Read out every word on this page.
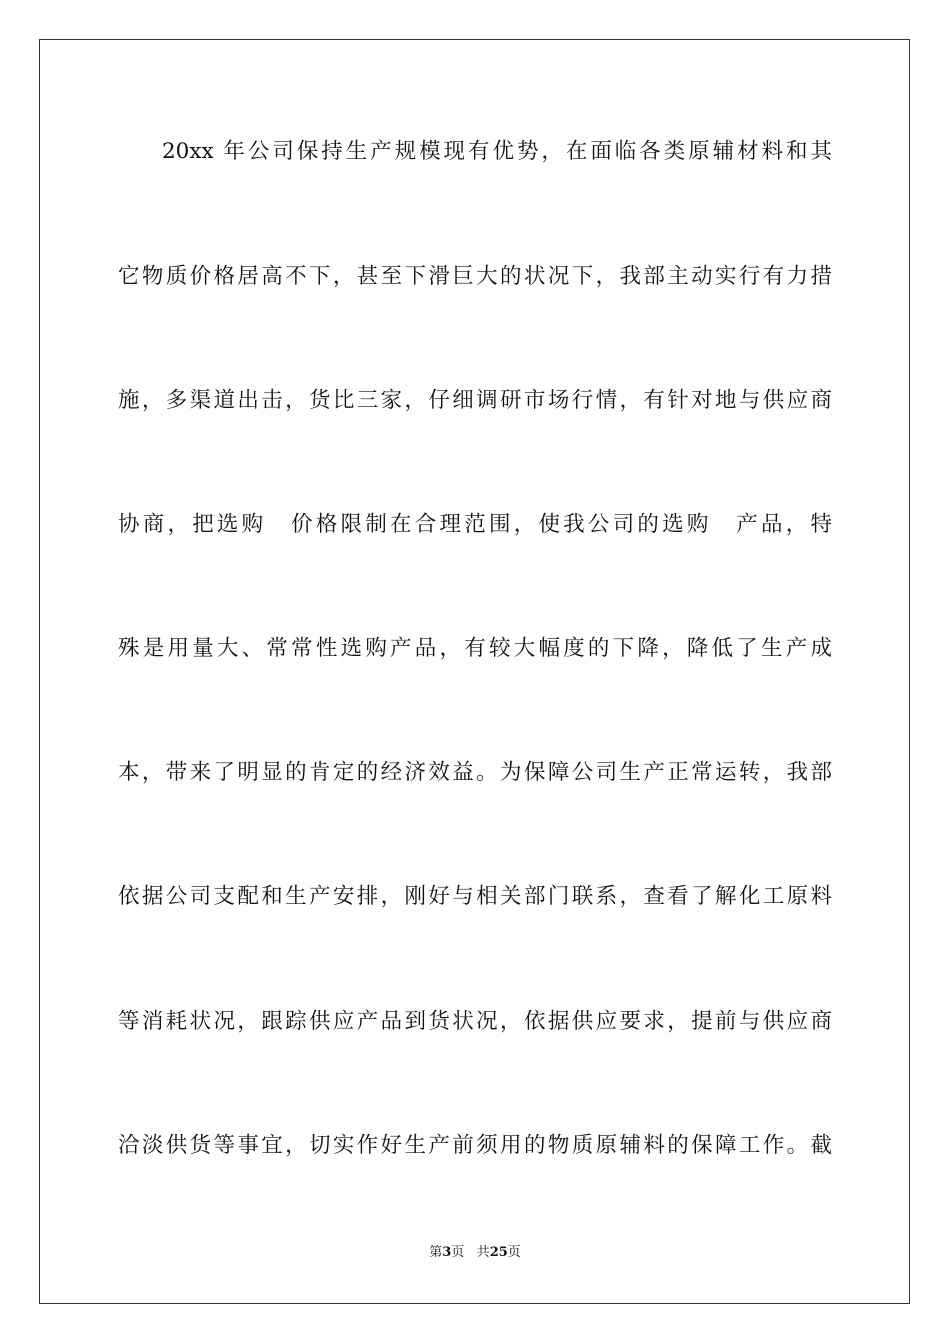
20xx 年公司保持生产规模现有优势，在面临各类原辅材料和其
它物质价格居高不下，甚至下滑巨大的状况下，我部主动实行有力措
施，多渠道出击，货比三家，仔细调研市场行情，有针对地与供应商
协商，把选购　价格限制在合理范围，使我公司的选购　产品，特
殊是用量大、常常性选购产品，有较大幅度的下降，降低了生产成
本，带来了明显的肯定的经济效益。为保障公司生产正常运转，我部
依据公司支配和生产安排，刚好与相关部门联系，查看了解化工原料
等消耗状况，跟踪供应产品到货状况，依据供应要求，提前与供应商
洽淡供货等事宜，切实作好生产前须用的物质原辅料的保障工作。截
第3页 共25页
